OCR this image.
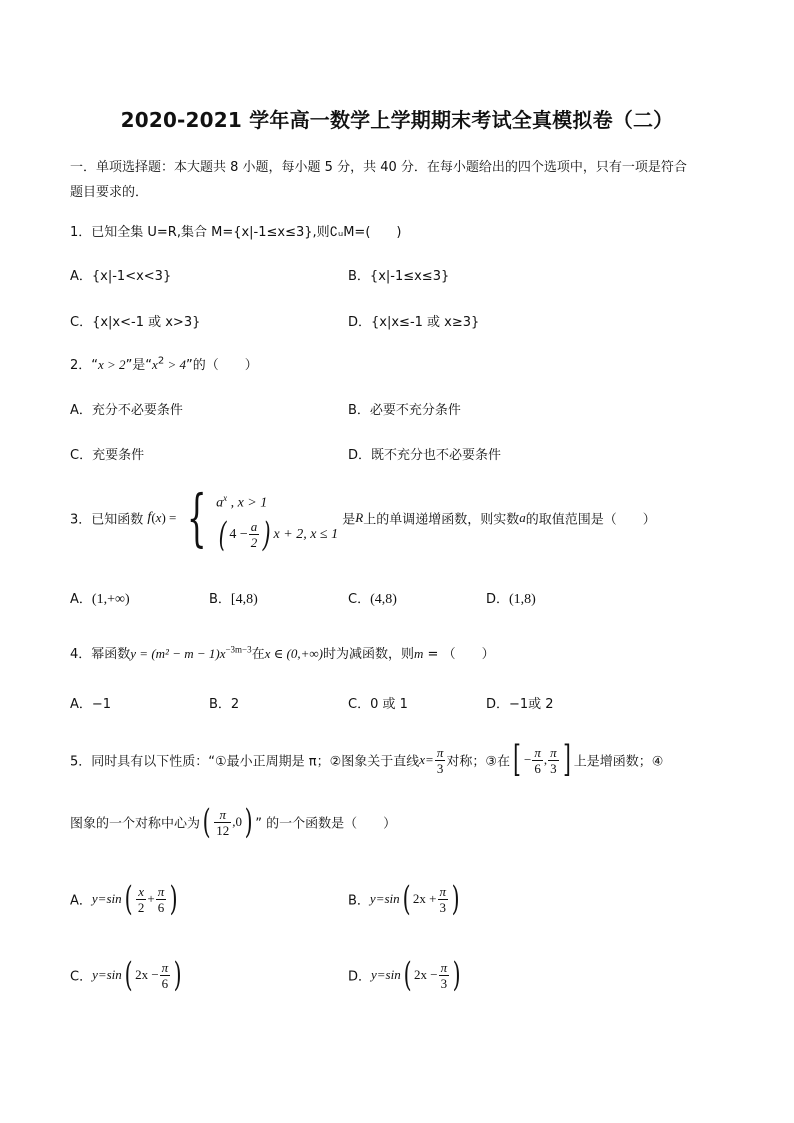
2020-2021 学年高一数学上学期期末考试全真模拟卷（二）
一．单项选择题：本大题共 8 小题，每小题 5 分，共 40 分．在每小题给出的四个选项中，只有一项是符合
题目要求的．
1．已知全集 U=R,集合 M={x|-1≤x≤3},则∁ᵤM=(　　)
A．{x|-1<x<3}	B．{x|-1≤x≤3}
C．{x|x<-1 或 x>3}	D．{x|x≤-1 或 x≥3}
2．“x > 2”是“$x^2 > 4$”的（　　）
A．充分不必要条件	B．必要不充分条件
C．充要条件	D．既不充分也不必要条件
3．已知函数 f(x) = { $a^x$ , x > 1
( $4 - \frac{a}{2}$ ) x + 2, x ≤ 1
是R上的单调递增函数，则实数a的取值范围是（　　）
A．(1,+∞)	B．[4,8)	C．(4,8)	D．(1,8)
4．幂函数$y = (m^2 - m - 1)x^{-3m-3}$在x ∈ (0,+∞)时为减函数，则m = （　　）
A．−1	B．2	C．0 或 1	D．−1或 2
5．同时具有以下性质：“①最小正周期是 π；②图象关于直线$x= \frac{\pi}{3}$ 对称；③在[ − $\frac{\pi}{6}$ , $\frac{\pi}{3}$ ] 上是增函数；④
图象的一个对称中心为( $\frac{\pi}{12} ,0$) ” 的一个函数是（　　）
A．$y=\sin( \frac{x}{2} + \frac{\pi}{6}$ )	B．y=sin( $2x + \frac{\pi}{3}$ )
C．y=sin( $2x - \frac{\pi}{6}$ )	D．y=sin( $2x - \frac{\pi}{3}$ )
